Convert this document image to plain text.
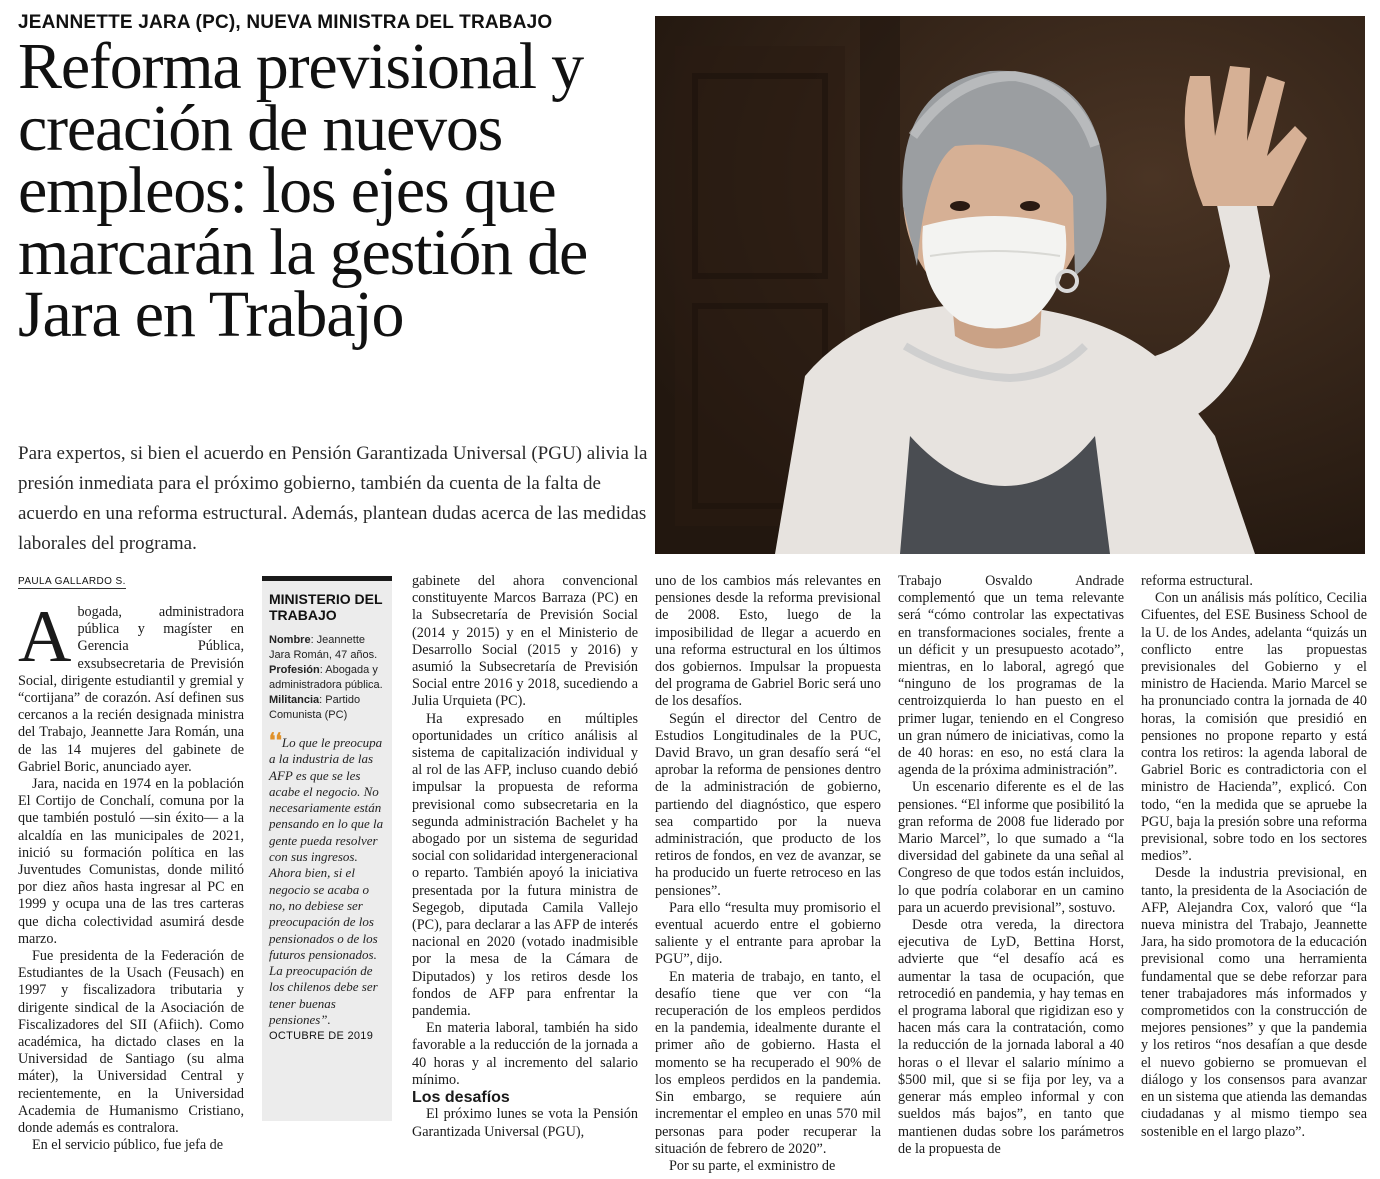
JEANNETTE JARA (PC), NUEVA MINISTRA DEL TRABAJO
Reforma previsional y creación de nuevos empleos: los ejes que marcarán la gestión de Jara en Trabajo

Para expertos, si bien el acuerdo en Pensión Garantizada Universal (PGU) alivia la presión inmediata para el próximo gobierno, también da cuenta de la falta de acuerdo en una reforma estructural. Además, plantean dudas acerca de las medidas laborales del programa.

PAULA GALLARDO S.

Abogada, administradora pública y magíster en Gerencia Pública, exsubsecretaria de Previsión Social, dirigente estudiantil y gremial y “cortijana” de corazón. Así definen sus cercanos a la recién designada ministra del Trabajo, Jeannette Jara Román, una de las 14 mujeres del gabinete de Gabriel Boric, anunciado ayer.

Jara, nacida en 1974 en la población El Cortijo de Conchalí, comuna por la que también postuló —sin éxito— a la alcaldía en las municipales de 2021, inició su formación política en las Juventudes Comunistas, donde militó por diez años hasta ingresar al PC en 1999 y ocupa una de las tres carteras que dicha colectividad asumirá desde marzo.

Fue presidenta de la Federación de Estudiantes de la Usach (Feusach) en 1997 y fiscalizadora tributaria y dirigente sindical de la Asociación de Fiscalizadores del SII (Afiich). Como académica, ha dictado clases en la Universidad de Santiago (su alma máter), la Universidad Central y recientemente, en la Universidad Academia de Humanismo Cristiano, donde además es contralora.

En el servicio público, fue jefa de

MINISTERIO DEL TRABAJO
Nombre: Jeannette Jara Román, 47 años.
Profesión: Abogada y administradora pública.
Militancia: Partido Comunista (PC)
❛❛Lo que le preocupa a la industria de las AFP es que se les acabe el negocio. No necesariamente están pensando en lo que la gente pueda resolver con sus ingresos. Ahora bien, si el negocio se acaba o no, no debiese ser preocupación de los pensionados o de los futuros pensionados. La preocupación de los chilenos debe ser tener buenas pensiones”.
OCTUBRE DE 2019

gabinete del ahora convencional constituyente Marcos Barraza (PC) en la Subsecretaría de Previsión Social (2014 y 2015) y en el Ministerio de Desarrollo Social (2015 y 2016) y asumió la Subsecretaría de Previsión Social entre 2016 y 2018, sucediendo a Julia Urquieta (PC).

Ha expresado en múltiples oportunidades un crítico análisis al sistema de capitalización individual y al rol de las AFP, incluso cuando debió impulsar la propuesta de reforma previsional como subsecretaria en la segunda administración Bachelet y ha abogado por un sistema de seguridad social con solidaridad intergeneracional o reparto. También apoyó la iniciativa presentada por la futura ministra de Segegob, diputada Camila Vallejo (PC), para declarar a las AFP de interés nacional en 2020 (votado inadmisible por la mesa de la Cámara de Diputados) y los retiros desde los fondos de AFP para enfrentar la pandemia.

En materia laboral, también ha sido favorable a la reducción de la jornada a 40 horas y al incremento del salario mínimo.

Los desafíos

El próximo lunes se vota la Pensión Garantizada Universal (PGU),

uno de los cambios más relevantes en pensiones desde la reforma previsional de 2008. Esto, luego de la imposibilidad de llegar a acuerdo en una reforma estructural en los últimos dos gobiernos. Impulsar la propuesta del programa de Gabriel Boric será uno de los desafíos.

Según el director del Centro de Estudios Longitudinales de la PUC, David Bravo, un gran desafío será “el aprobar la reforma de pensiones dentro de la administración de gobierno, partiendo del diagnóstico, que espero sea compartido por la nueva administración, que producto de los retiros de fondos, en vez de avanzar, se ha producido un fuerte retroceso en las pensiones”.

Para ello “resulta muy promisorio el eventual acuerdo entre el gobierno saliente y el entrante para aprobar la PGU”, dijo.

En materia de trabajo, en tanto, el desafío tiene que ver con “la recuperación de los empleos perdidos en la pandemia, idealmente durante el primer año de gobierno. Hasta el momento se ha recuperado el 90% de los empleos perdidos en la pandemia. Sin embargo, se requiere aún incrementar el empleo en unas 570 mil personas para poder recuperar la situación de febrero de 2020”.

Por su parte, el exministro de

Trabajo Osvaldo Andrade complementó que un tema relevante será “cómo controlar las expectativas en transformaciones sociales, frente a un déficit y un presupuesto acotado”, mientras, en lo laboral, agregó que “ninguno de los programas de la centroizquierda lo han puesto en el primer lugar, teniendo en el Congreso un gran número de iniciativas, como la de 40 horas: en eso, no está clara la agenda de la próxima administración”.

Un escenario diferente es el de las pensiones. “El informe que posibilitó la gran reforma de 2008 fue liderado por Mario Marcel”, lo que sumado a “la diversidad del gabinete da una señal al Congreso de que todos están incluidos, lo que podría colaborar en un camino para un acuerdo previsional”, sostuvo.

Desde otra vereda, la directora ejecutiva de LyD, Bettina Horst, advierte que “el desafío acá es aumentar la tasa de ocupación, que retrocedió en pandemia, y hay temas en el programa laboral que rigidizan eso y hacen más cara la contratación, como la reducción de la jornada laboral a 40 horas o el llevar el salario mínimo a $500 mil, que si se fija por ley, va a generar más empleo informal y con sueldos más bajos”, en tanto que mantienen dudas sobre los parámetros de la propuesta de

reforma estructural.

Con un análisis más político, Cecilia Cifuentes, del ESE Business School de la U. de los Andes, adelanta “quizás un conflicto entre las propuestas previsionales del Gobierno y el ministro de Hacienda. Mario Marcel se ha pronunciado contra la jornada de 40 horas, la comisión que presidió en pensiones no propone reparto y está contra los retiros: la agenda laboral de Gabriel Boric es contradictoria con el ministro de Hacienda”, explicó. Con todo, “en la medida que se apruebe la PGU, baja la presión sobre una reforma previsional, sobre todo en los sectores medios”.

Desde la industria previsional, en tanto, la presidenta de la Asociación de AFP, Alejandra Cox, valoró que “la nueva ministra del Trabajo, Jeannette Jara, ha sido promotora de la educación previsional como una herramienta fundamental que se debe reforzar para tener trabajadores más informados y comprometidos con la construcción de mejores pensiones” y que la pandemia y los retiros “nos desafían a que desde el nuevo gobierno se promuevan el diálogo y los consensos para avanzar en un sistema que atienda las demandas ciudadanas y al mismo tiempo sea sostenible en el largo plazo”.
